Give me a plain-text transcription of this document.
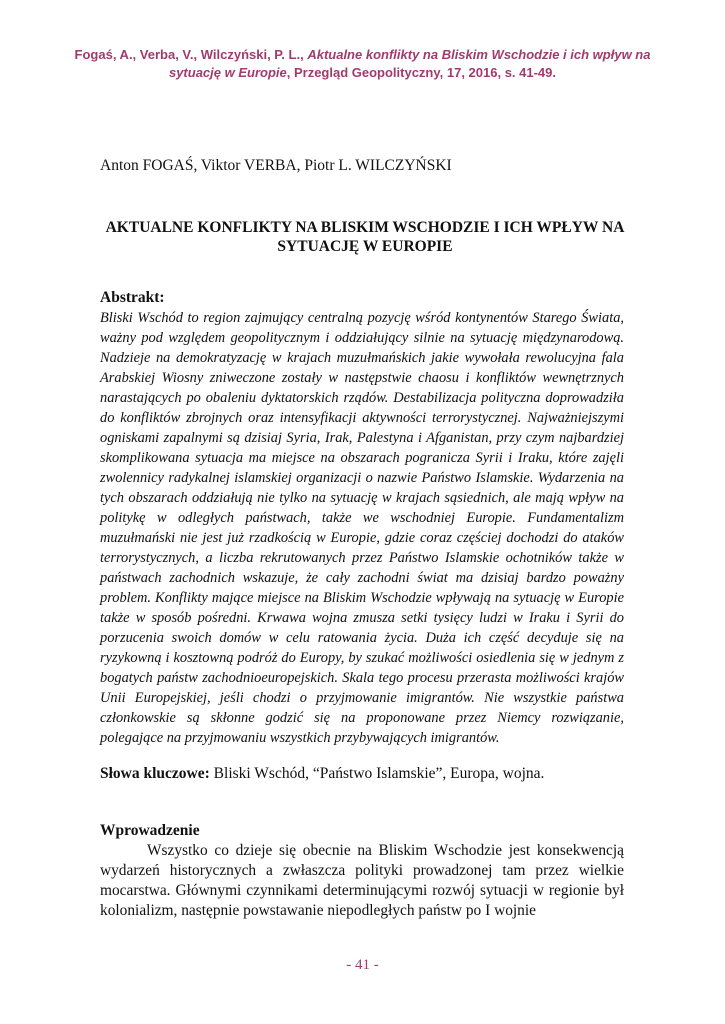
Fogaś, A., Verba, V., Wilczyński, P. L., Aktualne konflikty na Bliskim Wschodzie i ich wpływ na sytuację w Europie, Przegląd Geopolityczny, 17, 2016, s. 41-49.
Anton FOGAŚ, Viktor VERBA, Piotr L. WILCZYŃSKI
AKTUALNE KONFLIKTY NA BLISKIM WSCHODZIE I ICH WPŁYW NA SYTUACJĘ W EUROPIE
Abstrakt:
Bliski Wschód to region zajmujący centralną pozycję wśród kontynentów Starego Świata, ważny pod względem geopolitycznym i oddziałujący silnie na sytuację międzynarodową. Nadzieje na demokratyzację w krajach muzułmańskich jakie wywołała rewolucyjna fala Arabskiej Wiosny zniweczone zostały w następstwie chaosu i konfliktów wewnętrznych narastających po obaleniu dyktatorskich rządów. Destabilizacja polityczna doprowadziła do konfliktów zbrojnych oraz intensyfikacji aktywności terrorystycznej. Najważniejszymi ogniskami zapalnymi są dzisiaj Syria, Irak, Palestyna i Afganistan, przy czym najbardziej skomplikowana sytuacja ma miejsce na obszarach pogranicza Syrii i Iraku, które zajęli zwolennicy radykalnej islamskiej organizacji o nazwie Państwo Islamskie. Wydarzenia na tych obszarach oddziałują nie tylko na sytuację w krajach sąsiednich, ale mają wpływ na politykę w odległych państwach, także we wschodniej Europie. Fundamentalizm muzułmański nie jest już rzadkością w Europie, gdzie coraz częściej dochodzi do ataków terrorystycznych, a liczba rekrutowanych przez Państwo Islamskie ochotników także w państwach zachodnich wskazuje, że cały zachodni świat ma dzisiaj bardzo poważny problem. Konflikty mające miejsce na Bliskim Wschodzie wpływają na sytuację w Europie także w sposób pośredni. Krwawa wojna zmusza setki tysięcy ludzi w Iraku i Syrii do porzucenia swoich domów w celu ratowania życia. Duża ich część decyduje się na ryzykowną i kosztowną podróż do Europy, by szukać możliwości osiedlenia się w jednym z bogatych państw zachodnioeuropejskich. Skala tego procesu przerasta możliwości krajów Unii Europejskiej, jeśli chodzi o przyjmowanie imigrantów. Nie wszystkie państwa członkowskie są skłonne godzić się na proponowane przez Niemcy rozwiązanie, polegające na przyjmowaniu wszystkich przybywających imigrantów.
Słowa kluczowe: Bliski Wschód, “Państwo Islamskie”, Europa, wojna.
Wprowadzenie
Wszystko co dzieje się obecnie na Bliskim Wschodzie jest konsekwencją wydarzeń historycznych a zwłaszcza polityki prowadzonej tam przez wielkie mocarstwa. Głównymi czynnikami determinującymi rozwój sytuacji w regionie był kolonializm, następnie powstawanie niepodległych państw po I wojnie
- 41 -
